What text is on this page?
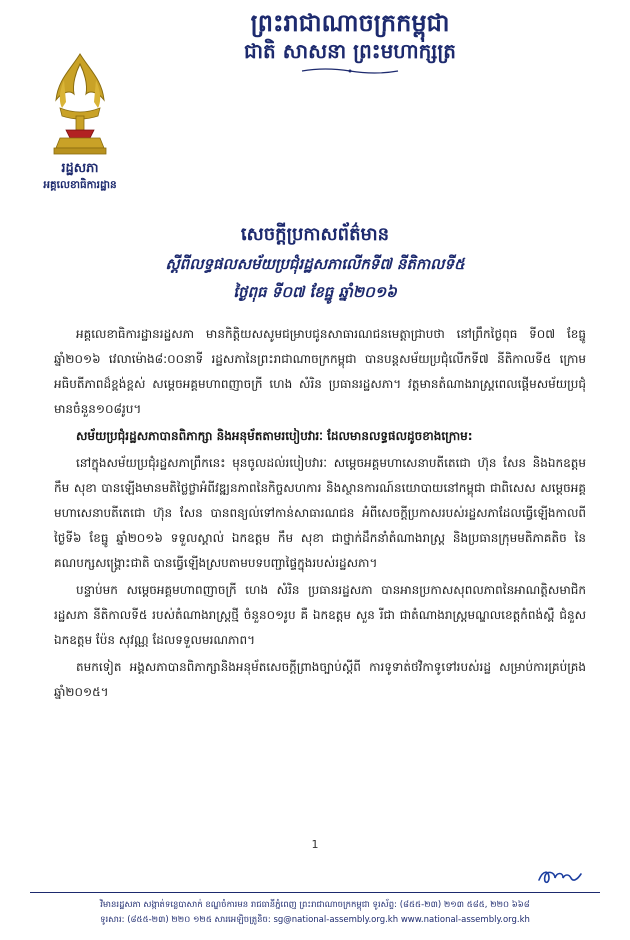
ព្រះរាជាណាចក្រកម្ពុជា
ជាតិ សាសនា ព្រះមហាក្សត្រ
រដ្ឋសភា
អគ្គលេខាធិការដ្ឋាន
សេចក្ដីប្រកាសព័ត៌មាន
ស្ដីពីលទ្ធផលសម័យប្រជុំរដ្ឋសភាលើកទី៧ នីតិកាលទី៥
ថ្ងៃពុធ ទី០៧ ខែធ្នូ ឆ្នាំ២០១៦

អគ្គលេខាធិការដ្ឋានរដ្ឋសភា មានកិត្តិយសសូមជម្រាបជូនសាធារណជនមេត្តាជ្រាបថា នៅព្រឹកថ្ងៃពុធ ទី០៧ ខែធ្នូ ឆ្នាំ២០១៦ វេលាម៉ោង៨:០០នាទី រដ្ឋសភានៃព្រះរាជាណាចក្រកម្ពុជា បានបន្តសម័យប្រជុំលើកទី៧ នីតិកាលទី៥ ក្រោមអធិបតីភាពដ៏ខ្ពង់ខ្ពស់ សម្ដេចអគ្គមហាពញាចក្រី ហេង សំរិន ប្រធានរដ្ឋសភា។ វត្តមានតំណាងរាស្ត្រពេលផ្ដើមសម័យប្រជុំមានចំនួន១០៨រូប។

សម័យប្រជុំរដ្ឋសភាបានពិភាក្សា និងអនុម័តតាមរបៀបវារៈ ដែលមានលទ្ធផលដូចខាងក្រោម:

នៅក្នុងសម័យប្រជុំរដ្ឋសភាព្រឹកនេះ មុនចូលដល់របៀបវារៈ សម្ដេចអគ្គមហាសេនាបតីតេជោ ហ៊ុន សែន និងឯកឧត្តម កឹម សុខា បានឡើងមានមតិថ្លៃថ្លាអំពីវឌ្ឍនភាពនៃកិច្ចសហការ និងស្ថានការណ៍នយោបាយនៅកម្ពុជា ជាពិសេស សម្ដេចអគ្គមហាសេនាបតីតេជោ ហ៊ុន សែន បានពន្យល់ទៅកាន់សាធារណជន អំពីសេចក្ដីប្រកាសរបស់រដ្ឋសភាដែលធ្វើឡើងកាលពីថ្ងៃទី៦ ខែធ្នូ ឆ្នាំ២០១៦ ទទួលស្គាល់ ឯកឧត្តម កឹម សុខា ជាថ្នាក់ដឹកនាំតំណាងរាស្ត្រ និងប្រធានក្រុមមតិភាគតិច នៃគណបក្សសង្គ្រោះជាតិ បានធ្វើឡើងស្របតាមបទបញ្ជាផ្ទៃក្នុងរបស់រដ្ឋសភា។

បន្ទាប់មក សម្ដេចអគ្គមហាពញាចក្រី ហេង សំរិន ប្រធានរដ្ឋសភា បានអានប្រកាសសុពលភាពនៃអាណត្តិសមាជិករដ្ឋសភា នីតិកាលទី៥ របស់តំណាងរាស្ត្រថ្មី ចំនួន០១រូប គឺ ឯកឧត្តម សួន រីជា ជាតំណាងរាស្ត្រមណ្ឌលខេត្តកំពង់ស្ពឺ ជំនួស ឯកឧត្តម ប៉ែន សុវណ្ណ ដែលទទួលមរណភាព។

តមកទៀត អង្គសភាបានពិភាក្សានិងអនុម័តសេចក្ដីព្រាងច្បាប់ស្ដីពី ការទូទាត់ថវិកាទូទៅរបស់រដ្ឋ សម្រាប់ការគ្រប់គ្រងឆ្នាំ២០១៥។

1
វិមានរដ្ឋសភា សង្កាត់ទន្លេបាសាក់ ខណ្ឌចំការមន រាជធានីភ្នំពេញ ព្រះរាជាណាចក្រកម្ពុជា ទូរស័ព្ទ: (៨៥៥-២៣) ២១៣ ៥៨៥, ២២០ ៦៦៨
ទូរសារ: (៨៥៥-២៣) ២២០ ១២៥ សារអេឡិចត្រូនិច: sg@national-assembly.org.kh www.national-assembly.org.kh
